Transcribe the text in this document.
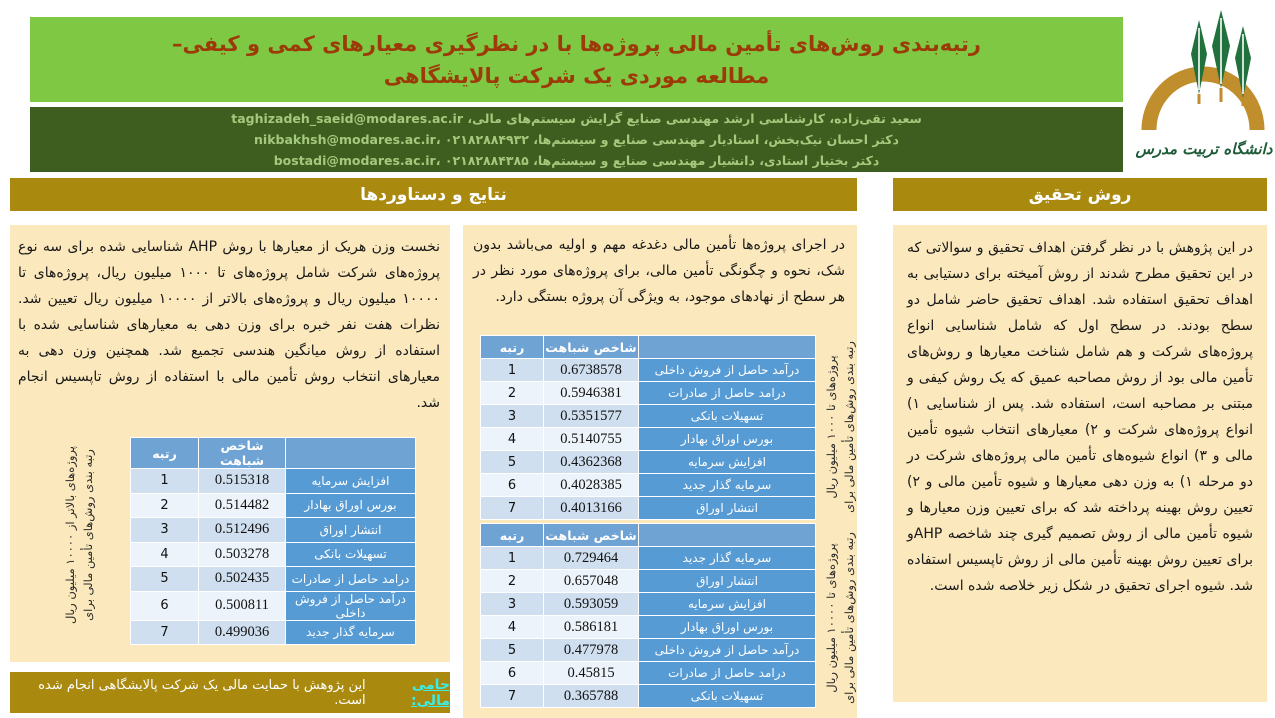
رتبه‌بندی روش‌های تأمین مالی پروژه‌ها با در نظرگیری معیارهای کمی و کیفی–
مطالعه موردی یک شرکت پالایشگاهی
سعید تقی‌زاده، کارشناسی ارشد مهندسی صنایع گرایش سیستم‌های مالی، taghizadeh_saeid@modares.ac.ir
دکتر احسان نیک‌بخش، استادیار مهندسی صنایع و سیستم‌ها، nikbakhsh@modares.ac.ir، ۰۲۱۸۲۸۸۴۹۳۲
دکتر بختیار استادی، دانشیار مهندسی صنایع و سیستم‌ها، bostadi@modares.ac.ir، ۰۲۱۸۲۸۸۴۳۸۵
دانشگاه تربیت مدرس
نتایج و دستاوردها	روش تحقیق

نخست وزن هریک از معیارها با روش AHP شناسایی شده برای سه نوع پروژه‌های شرکت شامل پروژه‌های تا ۱۰۰۰ میلیون ریال، پروژه‌های تا ۱۰۰۰۰ میلیون ریال و پروژه‌های بالاتر از ۱۰۰۰۰ میلیون ریال تعیین شد. نظرات هفت نفر خبره برای وزن دهی به معیارهای شناسایی شده با استفاده از روش میانگین هندسی تجمیع شد. همچنین وزن دهی به معیارهای انتخاب روش تأمین مالی با استفاده از روش تاپسیس انجام شد.

رتبه بندی روش‌های تأمین مالی برای
پروژه‌های بالاتر از ۱۰۰۰۰ میلیون ریال
	شاخص شباهت	رتبه
افزایش سرمایه	0.515318	1
بورس اوراق بهادار	0.514482	2
انتشار اوراق	0.512496	3
تسهیلات بانکی	0.503278	4
درامد حاصل از صادرات	0.502435	5
درآمد حاصل از فروش داخلی	0.500811	6
سرمایه گذار جدید	0.499036	7

در اجرای پروژه‌ها تأمین مالی دغدغه مهم و اولیه می‌باشد بدون شک، نحوه و چگونگی تأمین مالی، برای پروژه‌های مورد نظر در هر سطح از نهادهای موجود، به ویژگی آن پروژه بستگی دارد.

	شاخص شباهت	رتبه
درآمد حاصل از فروش داخلی	0.6738578	1
درامد حاصل از صادرات	0.5946381	2
تسهیلات بانکی	0.5351577	3
بورس اوراق بهادار	0.5140755	4
افزایش سرمایه	0.4362368	5
سرمایه گذار جدید	0.4028385	6
انتشار اوراق	0.4013166	7
	شاخص شباهت	رتبه
سرمایه گذار جدید	0.729464	1
انتشار اوراق	0.657048	2
افزایش سرمایه	0.593059	3
بورس اوراق بهادار	0.586181	4
درآمد حاصل از فروش داخلی	0.477978	5
درامد حاصل از صادرات	0.45815	6
تسهیلات بانکی	0.365788	7
رتبه بندی روش‌های تأمین مالی برای
پروژه‌های تا ۱۰۰۰ میلیون ریال
رتبه بندی روش‌های تأمین مالی برای
پروژه‌های تا ۱۰۰۰۰ میلیون ریال

در این پژوهش با در نظر گرفتن اهداف تحقیق و سوالاتی که در این تحقیق مطرح شدند از روش آمیخته برای دستیابی به اهداف تحقیق استفاده شد. اهداف تحقیق حاضر شامل دو سطح بودند. در سطح اول که شامل شناسایی انواع پروژه‌های شرکت و هم شامل شناخت معیارها و روش‌های تأمین مالی بود از روش مصاحبه عمیق که یک روش کیفی و مبتنی بر مصاحبه است، استفاده شد. پس از شناسایی ۱) انواع پروژه‌های شرکت و ۲) معیارهای انتخاب شیوه تأمین مالی و ۳) انواع شیوه‌های تأمین مالی پروژه‌های شرکت در دو مرحله ۱) به وزن دهی معیارها و شیوه تأمین مالی و ۲) تعیین روش بهینه پرداخته شد که برای تعیین وزن معیارها و شیوه تأمین مالی از روش تصمیم گیری چند شاخصه AHPو برای تعیین روش بهینه تأمین مالی از روش تاپسیس استفاده شد. شیوه اجرای تحقیق در شکل زیر خلاصه شده است.

حامی مالی:
این پژوهش با حمایت مالی یک شرکت پالایشگاهی انجام شده است.
